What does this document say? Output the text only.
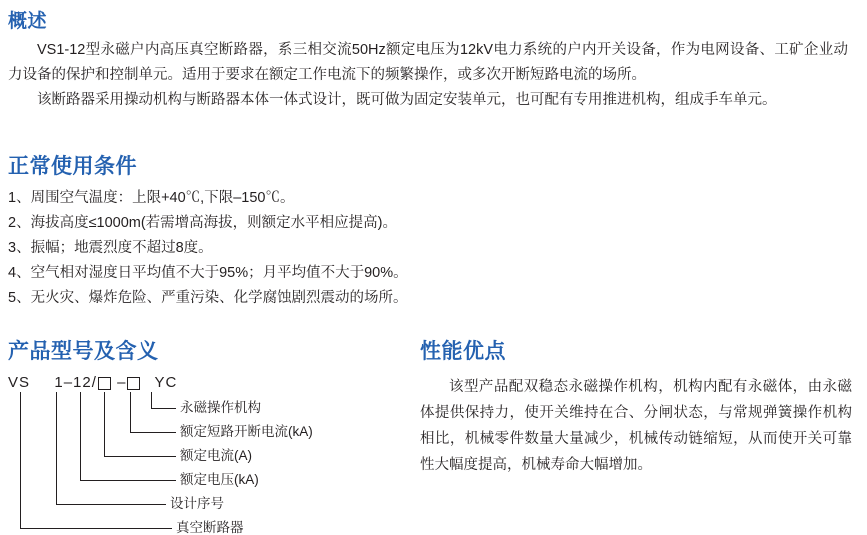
概述

VS1-12型永磁户内高压真空断路器，系三相交流50Hz额定电压为12kV电力系统的户内开关设备，作为电网设备、工矿企业动力设备的保护和控制单元。适用于要求在额定工作电流下的频繁操作，或多次开断短路电流的场所。

该断路器采用操动机构与断路器本体一体式设计，既可做为固定安装单元，也可配有专用推进机构，组成手车单元。

正常使用条件
1、周围空气温度：上限+40℃,下限–150℃。
2、海拔高度≤1000m(若需增高海拔，则额定水平相应提高)。
3、振幅；地震烈度不超过8度。
4、空气相对湿度日平均值不大于95%；月平均值不大于90%。
5、无火灾、爆炸危险、严重污染、化学腐蚀剧烈震动的场所。
产品型号及含义
VS 1–12/ – YC
永磁操作机构
额定短路开断电流(kA)
额定电流(A)
额定电压(kA)
设计序号
真空断路器
性能优点

该型产品配双稳态永磁操作机构，机构内配有永磁体，由永磁体提供保持力，使开关维持在合、分闸状态，与常规弹簧操作机构相比，机械零件数量大量减少，机械传动链缩短，从而使开关可靠性大幅度提高，机械寿命大幅增加。
